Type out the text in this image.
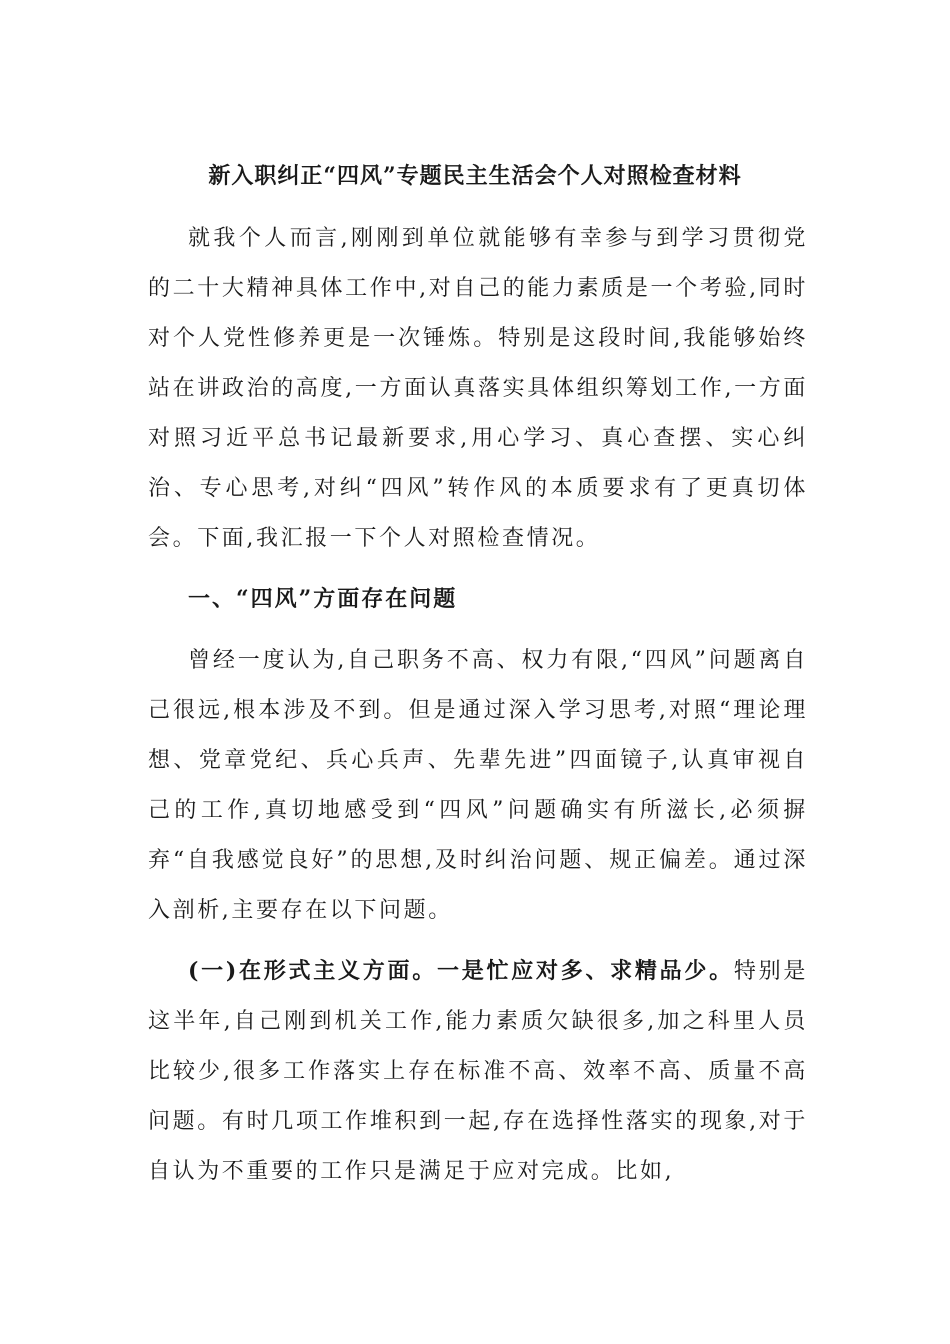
新入职纠正“四风”专题民主生活会个人对照检查材料
就我个人而言,刚刚到单位就能够有幸参与到学习贯彻党的二十大精神具体工作中,对自己的能力素质是一个考验,同时对个人党性修养更是一次锤炼。特别是这段时间,我能够始终站在讲政治的高度,一方面认真落实具体组织筹划工作,一方面对照习近平总书记最新要求,用心学习、真心查摆、实心纠治、专心思考,对纠“四风”转作风的本质要求有了更真切体会。下面,我汇报一下个人对照检查情况。
一、“四风”方面存在问题
曾经一度认为,自己职务不高、权力有限,“四风”问题离自己很远,根本涉及不到。但是通过深入学习思考,对照“理论理想、党章党纪、兵心兵声、先辈先进”四面镜子,认真审视自己的工作,真切地感受到“四风”问题确实有所滋长,必须摒弃“自我感觉良好”的思想,及时纠治问题、规正偏差。通过深入剖析,主要存在以下问题。
(一)在形式主义方面。一是忙应对多、求精品少。特别是这半年,自己刚到机关工作,能力素质欠缺很多,加之科里人员比较少,很多工作落实上存在标准不高、效率不高、质量不高问题。有时几项工作堆积到一起,存在选择性落实的现象,对于自认为不重要的工作只是满足于应对完成。比如,
